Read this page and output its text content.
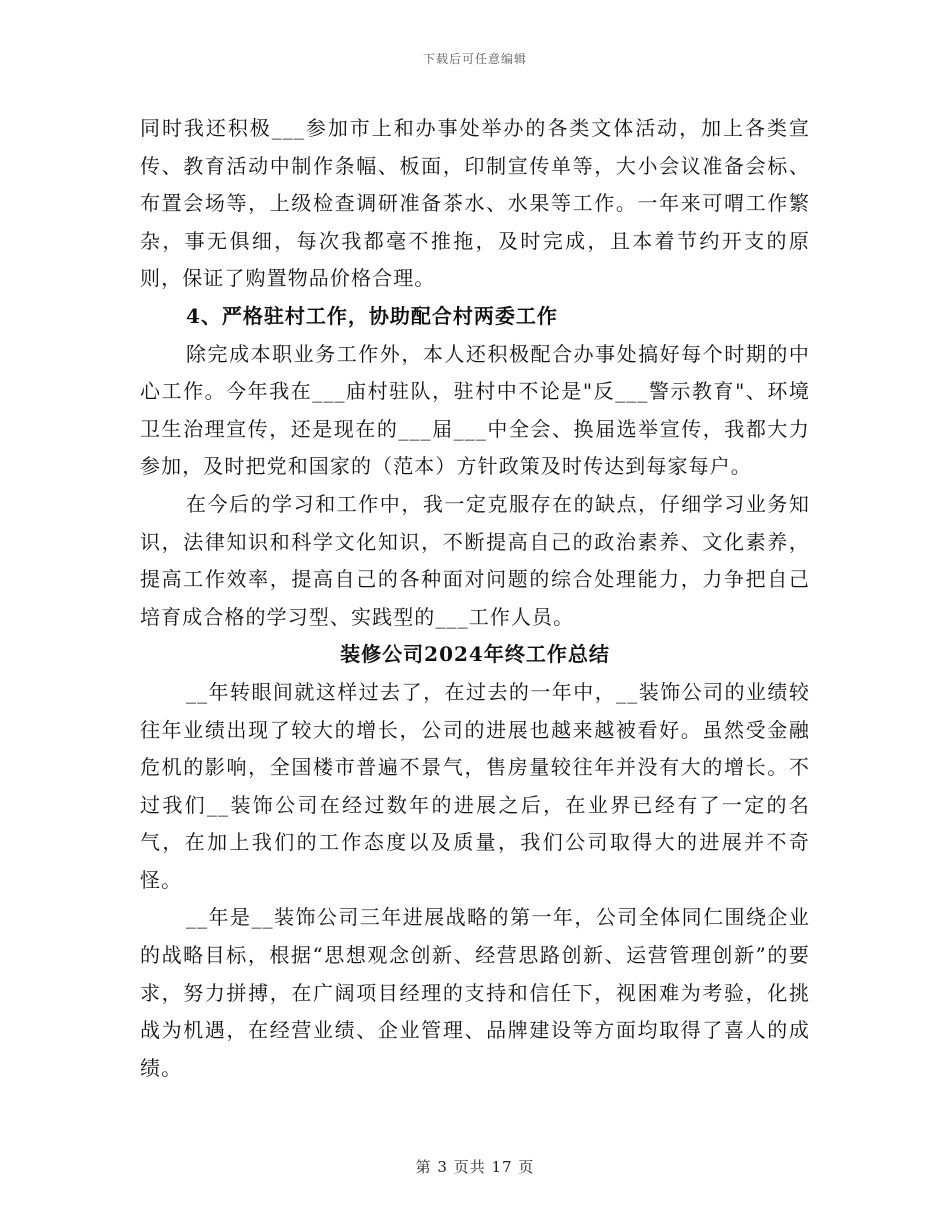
下载后可任意编辑

同时我还积极___参加市上和办事处举办的各类文体活动，加上各类宣传、教育活动中制作条幅、板面，印制宣传单等，大小会议准备会标、布置会场等，上级检查调研准备茶水、水果等工作。一年来可喟工作繁杂，事无俱细，每次我都毫不推拖，及时完成，且本着节约开支的原则，保证了购置物品价格合理。

4、严格驻村工作，协助配合村两委工作

除完成本职业务工作外，本人还积极配合办事处搞好每个时期的中心工作。今年我在___庙村驻队，驻村中不论是"反___警示教育"、环境卫生治理宣传，还是现在的___届___中全会、换届选举宣传，我都大力参加，及时把党和国家的（范本）方针政策及时传达到每家每户。

在今后的学习和工作中，我一定克服存在的缺点，仔细学习业务知识，法律知识和科学文化知识，不断提高自己的政治素养、文化素养，提高工作效率，提高自己的各种面对问题的综合处理能力，力争把自己培育成合格的学习型、实践型的___工作人员。

装修公司2024年终工作总结

__年转眼间就这样过去了，在过去的一年中，__装饰公司的业绩较往年业绩出现了较大的增长，公司的进展也越来越被看好。虽然受金融危机的影响，全国楼市普遍不景气，售房量较往年并没有大的增长。不过我们__装饰公司在经过数年的进展之后，在业界已经有了一定的名气，在加上我们的工作态度以及质量，我们公司取得大的进展并不奇怪。

__年是__装饰公司三年进展战略的第一年，公司全体同仁围绕企业的战略目标，根据“思想观念创新、经营思路创新、运营管理创新”的要求，努力拼搏，在广阔项目经理的支持和信任下，视困难为考验，化挑战为机遇，在经营业绩、企业管理、品牌建设等方面均取得了喜人的成绩。

第 3 页共 17 页
